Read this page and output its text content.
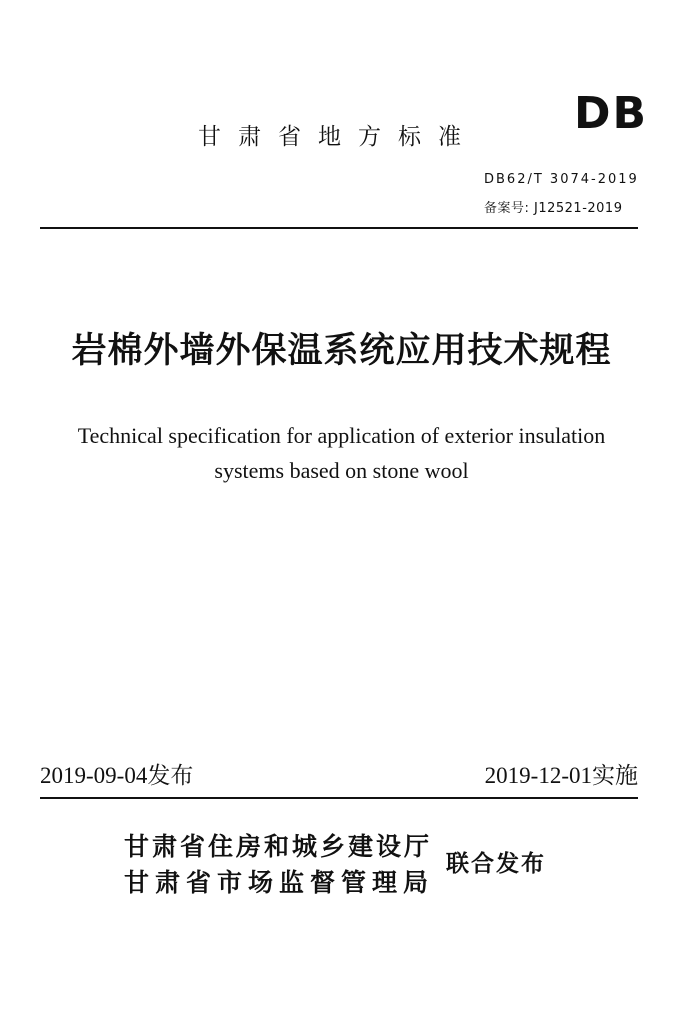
DB
甘肃省地方标准
DB62/T 3074-2019
备案号: J12521-2019
岩棉外墙外保温系统应用技术规程
Technical specification for application of exterior insulation
systems based on stone wool
2019-09-04发布	2019-12-01实施
甘肃省住房和城乡建设厅
甘肃省市场监督管理局
联合发布
